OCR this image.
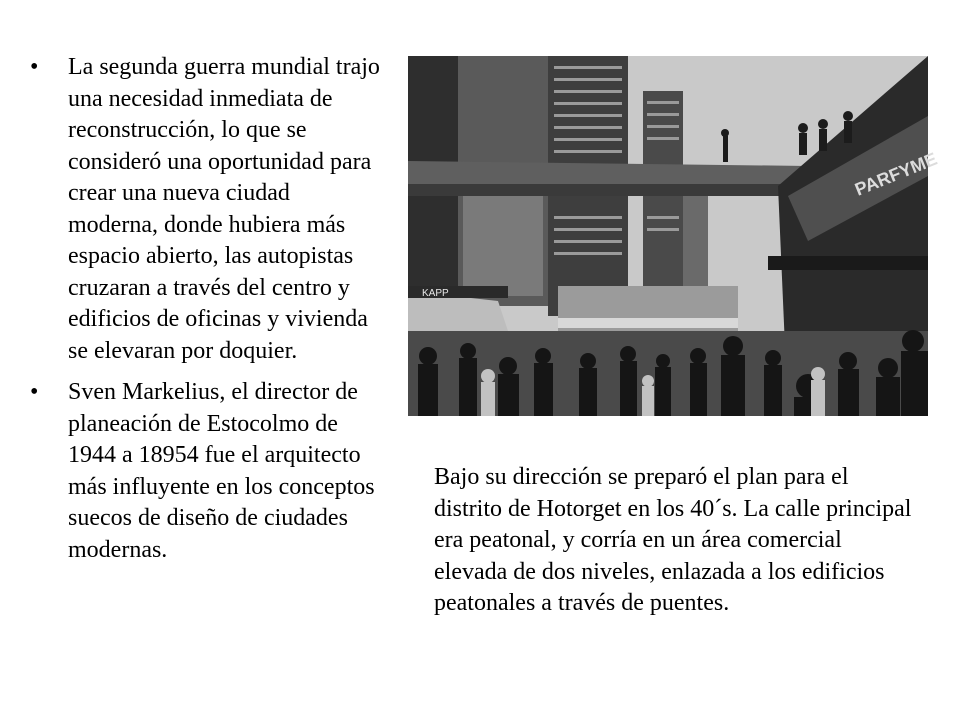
• La segunda guerra mundial trajo una necesidad inmediata de reconstrucción, lo que se consideró una oportunidad para crear una nueva ciudad moderna, donde hubiera más espacio abierto, las autopistas cruzaran a través del centro y edificios de oficinas y vivienda se elevaran por doquier.
• Sven Markelius, el director de planeación de Estocolmo de 1944 a 18954 fue el arquitecto más influyente en los conceptos suecos de diseño de ciudades modernas.
KAPP
PARFYME

Bajo su dirección se preparó el plan para el distrito de Hotorget en los 40´s. La calle principal era peatonal, y corría en un área comercial elevada de dos niveles, enlazada a los edificios peatonales a través de puentes.
